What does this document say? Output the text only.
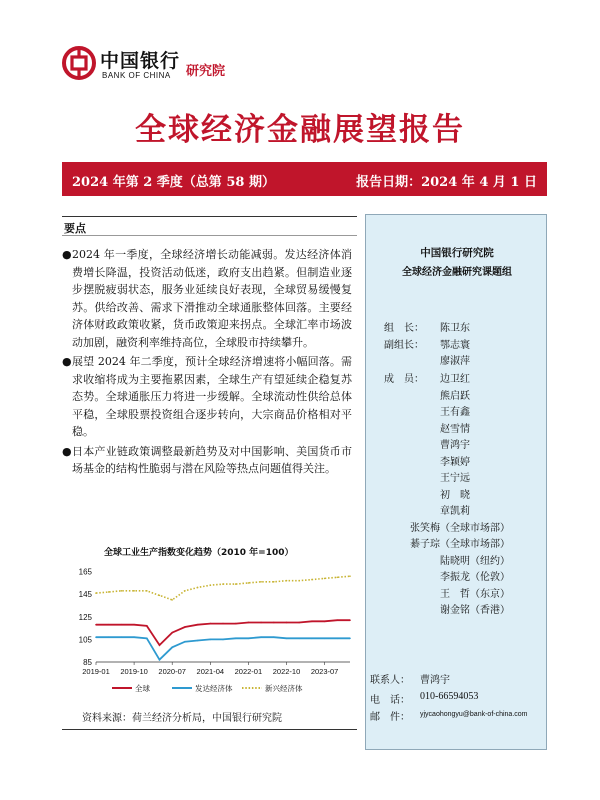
中国银行
BANK OF CHINA 研究院
全球经济金融展望报告
2024 年第 2 季度（总第 58 期）	报告日期：2024 年 4 月 1 日
要点
● 2024 年一季度，全球经济增长动能减弱。发达经济体消费增长降温，投资活动低迷，政府支出趋紧。但制造业逐步摆脱疲弱状态，服务业延续良好表现，全球贸易缓慢复苏。供给改善、需求下滑推动全球通胀整体回落。主要经济体财政政策收紧，货币政策迎来拐点。全球汇率市场波动加剧，融资利率维持高位，全球股市持续攀升。
● 展望 2024 年二季度，预计全球经济增速将小幅回落。需求收缩将成为主要拖累因素，全球生产有望延续企稳复苏态势。全球通胀压力将进一步缓解。全球流动性供给总体平稳，全球股票投资组合逐步转向，大宗商品价格相对平稳。
● 日本产业链政策调整最新趋势及对中国影响、美国货币市场基金的结构性脆弱与潜在风险等热点问题值得关注。
全球工业生产指数变化趋势（2010 年=100）
85
105
125
145
165
2019-01 2019-10 2020-07 2021-04 2022-01 2022-10 2023-07
全球	发达经济体	新兴经济体
资料来源：荷兰经济分析局，中国银行研究院
中国银行研究院
全球经济金融研究课题组
组　长： 陈卫东
副组长： 鄂志寰
廖淑萍
成　员： 边卫红
熊启跃
王有鑫
赵雪情
曹鸿宇
李颖婷
王宁远
初　晓
章凯莉
张笑梅（全球市场部）
綦子琮（全球市场部）
陆晓明（纽约）
李振龙（伦敦）
王　哲（东京）
谢金铭（香港）
联系人： 曹鸿宇
电　话： 010-66594053
邮　件： yjycaohongyu@bank-of-china.com
